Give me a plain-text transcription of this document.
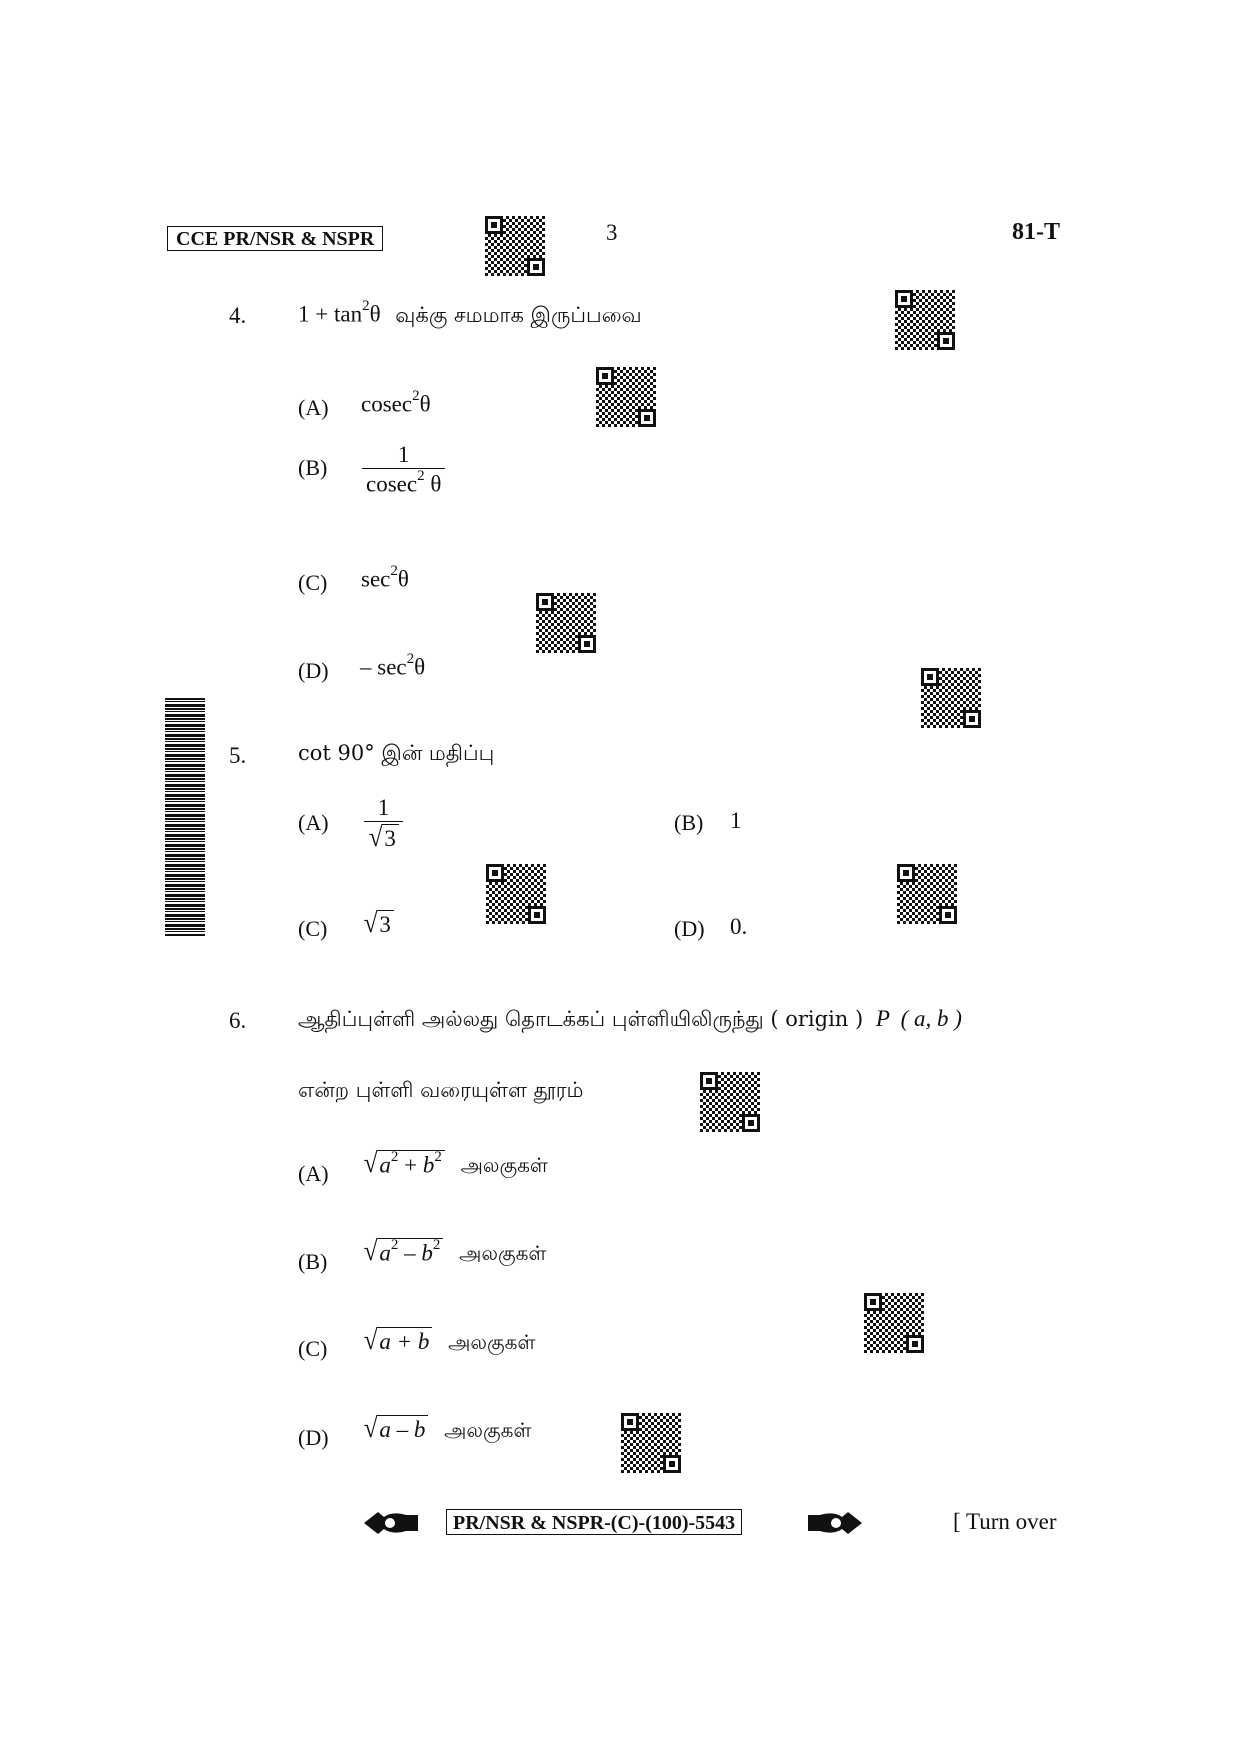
CCE PR/NSR & NSPR	3	81-T
4. $1 + \tan^2\theta$ வுக்கு சமமாக இருப்பவை
(A) cosec$^2$θ
$(B) \frac{1}{cosec^2 \theta}$
(C) $\sec^2\theta$
$(D) - \sec^2\theta$
5. cot 90° இன் மதிப்பு
$(A) \frac{1}{√ 3}$	(B) 1
(C) √ 3	(D) 0.
6. ஆதிப்புள்ளி அல்லது தொடக்கப் புள்ளியிலிருந்து ( origin ) P ( a, b )
என்ற புள்ளி வரையுள்ள தூரம்
(A) √ $a^2 + b^2$ அலகுகள்
(B) √ $a^2 - b^2$ அலகுகள்
(C) √ a + b அலகுகள்
(D) √ a – b அலகுகள்
PR/NSR & NSPR-(C)-(100)-5543	[ Turn over
